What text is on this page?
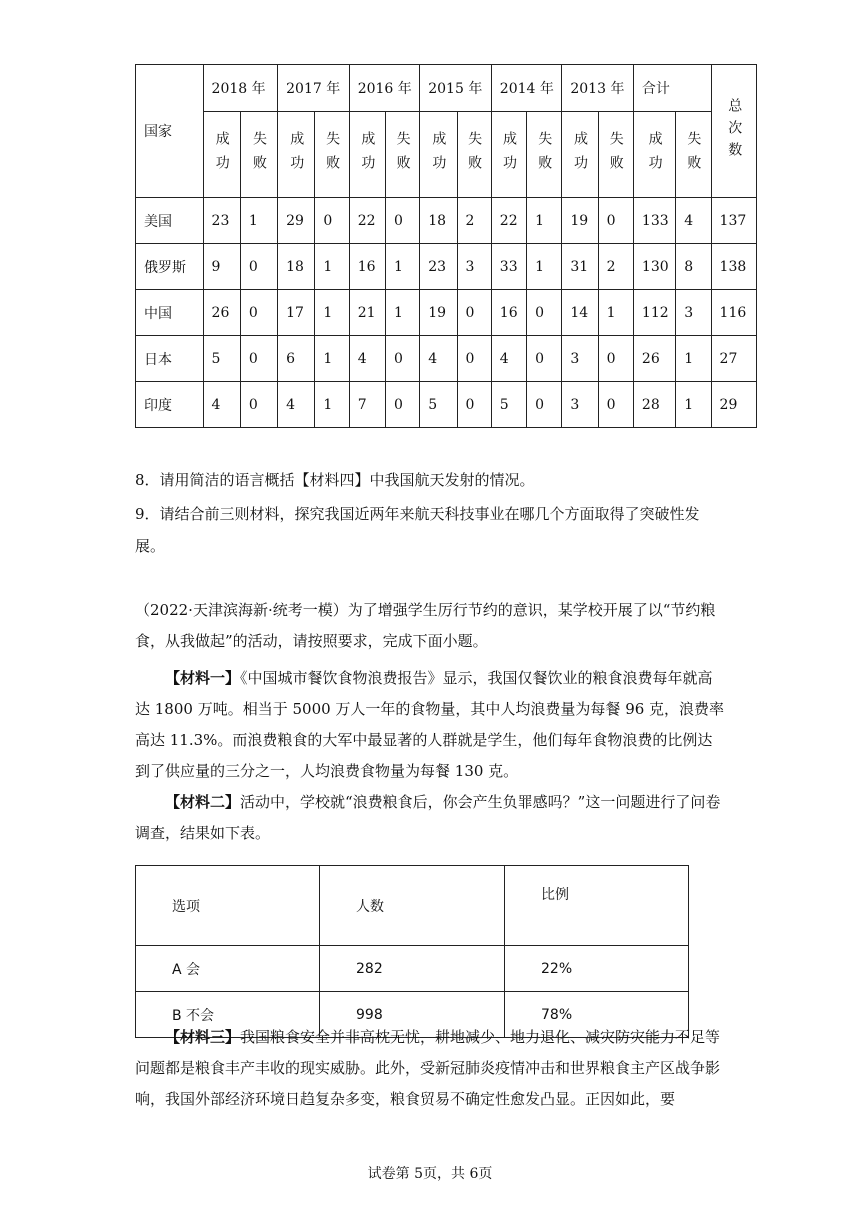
国家	2018 年		2017 年		2016 年		2015 年		2014 年		2013 年		合计		总次数
	成功	失败	成功	失败	成功	失败	成功	失败	成功	失败	成功	失败	成功	失败	
美国	23	1	29	0	22	0	18	2	22	1	19	0	133	4	137
俄罗斯	9	0	18	1	16	1	23	3	33	1	31	2	130	8	138
中国	26	0	17	1	21	1	19	0	16	0	14	1	112	3	116
日本	5	0	6	1	4	0	4	0	4	0	3	0	26	1	27
印度	4	0	4	1	7	0	5	0	5	0	3	0	28	1	29
8．请用简洁的语言概括【材料四】中我国航天发射的情况。

9．请结合前三则材料，探究我国近两年来航天科技事业在哪几个方面取得了突破性发展。

（2022·天津滨海新·统考一模）为了增强学生厉行节约的意识，某学校开展了以“节约粮食，从我做起”的活动，请按照要求，完成下面小题。

【材料一】《中国城市餐饮食物浪费报告》显示，我国仅餐饮业的粮食浪费每年就高达 1800 万吨。相当于 5000 万人一年的食物量，其中人均浪费量为每餐 96 克，浪费率高达 11.3%。而浪费粮食的大军中最显著的人群就是学生，他们每年食物浪费的比例达到了供应量的三分之一，人均浪费食物量为每餐 130 克。

【材料二】活动中，学校就“浪费粮食后，你会产生负罪感吗？”这一问题进行了问卷调查，结果如下表。

选项	人数	比例
A 会	282	22%
B 不会	998	78%

【材料三】我国粮食安全并非高枕无忧，耕地减少、地力退化、减灾防灾能力不足等问题都是粮食丰产丰收的现实威胁。此外，受新冠肺炎疫情冲击和世界粮食主产区战争影响，我国外部经济环境日趋复杂多变，粮食贸易不确定性愈发凸显。正因如此，要

试卷第 5页，共 6页
